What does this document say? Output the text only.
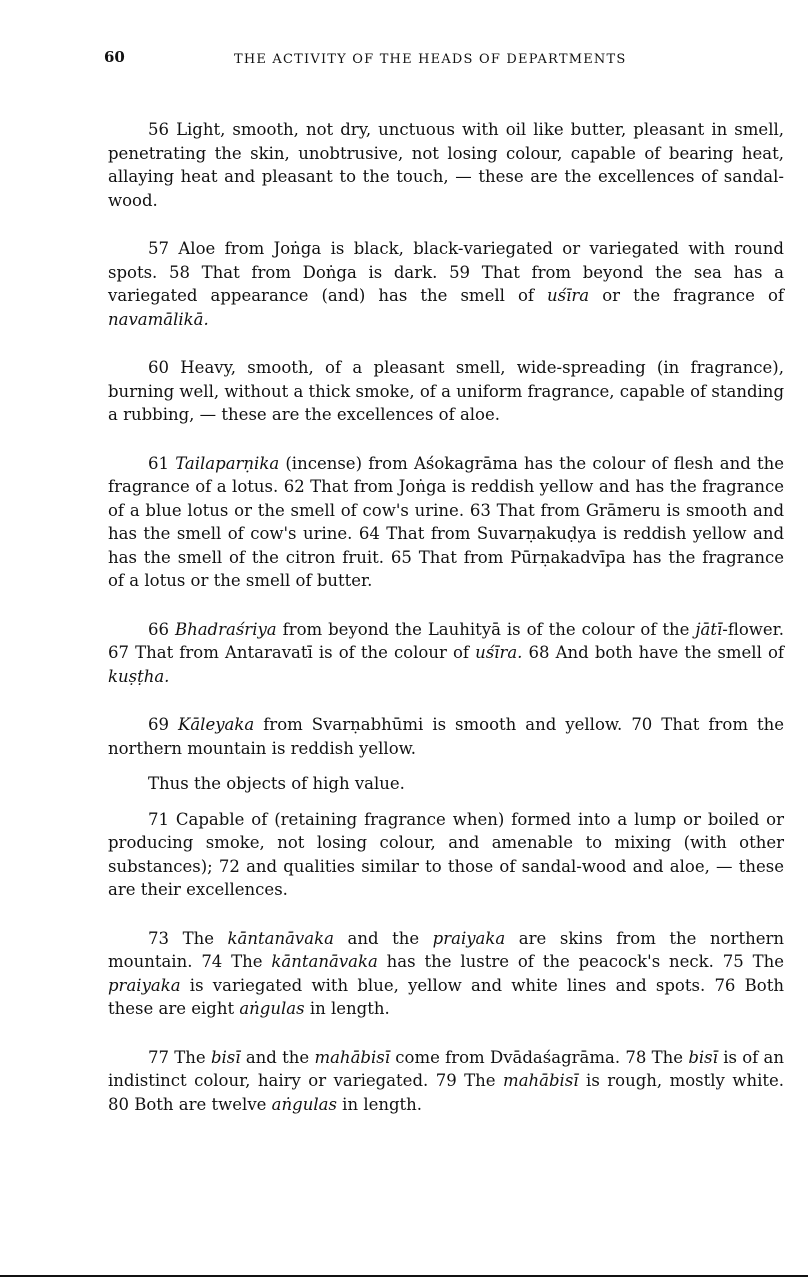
60	THE ACTIVITY OF THE HEADS OF DEPARTMENTS

56 Light, smooth, not dry, unctuous with oil like butter, pleasant in smell, penetrating the skin, unobtrusive, not losing colour, capable of bearing heat, allaying heat and pleasant to the touch, — these are the excellences of sandal-wood.

57 Aloe from Joṅga is black, black-variegated or variegated with round spots. 58 That from Doṅga is dark. 59 That from beyond the sea has a variegated appearance (and) has the smell of uśīra or the fragrance of navamālikā.

60 Heavy, smooth, of a pleasant smell, wide-spreading (in fragrance), burning well, without a thick smoke, of a uniform fragrance, capable of standing a rubbing, — these are the excellences of aloe.

61 Tailaparṇika (incense) from Aśokagrāma has the colour of flesh and the fragrance of a lotus. 62 That from Joṅga is reddish yellow and has the fragrance of a blue lotus or the smell of cow's urine. 63 That from Grāmeru is smooth and has the smell of cow's urine. 64 That from Suvarṇakuḍya is reddish yellow and has the smell of the citron fruit. 65 That from Pūrṇakadvīpa has the fragrance of a lotus or the smell of butter.

66 Bhadraśriya from beyond the Lauhityā is of the colour of the jātī-flower. 67 That from Antaravatī is of the colour of uśīra. 68 And both have the smell of kuṣṭha.

69 Kāleyaka from Svarṇabhūmi is smooth and yellow. 70 That from the northern mountain is reddish yellow.

Thus the objects of high value.

71 Capable of (retaining fragrance when) formed into a lump or boiled or producing smoke, not losing colour, and amenable to mixing (with other substances); 72 and qualities similar to those of sandal-wood and aloe, — these are their excellences.

73 The kāntanāvaka and the praiyaka are skins from the northern mountain. 74 The kāntanāvaka has the lustre of the peacock's neck. 75 The praiyaka is variegated with blue, yellow and white lines and spots. 76 Both these are eight aṅgulas in length.

77 The bisī and the mahābisī come from Dvādaśagrāma. 78 The bisī is of an indistinct colour, hairy or variegated. 79 The mahābisī is rough, mostly white. 80 Both are twelve aṅgulas in length.
